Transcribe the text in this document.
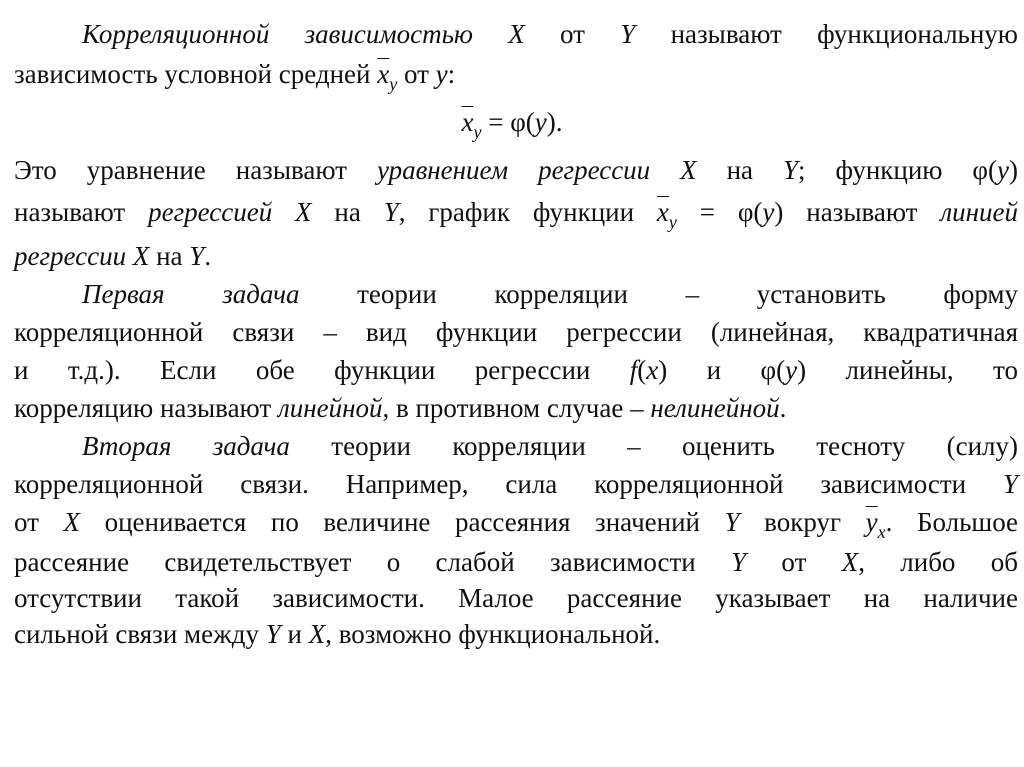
Корреляционной зависимостью X от Y называют функциональную
зависимость условной средней $\overline{x}_y$ от y:
$\overline{x}_y = \varphi(y)$.
Это уравнение называют уравнением регрессии X на Y; функцию φ(y)
называют регрессией X на Y, график функции $\overline{x}_y = \varphi(y)$ называют линией
регрессии X на Y.
Первая задача теории корреляции – установить форму
корреляционной связи – вид функции регрессии (линейная, квадратичная
и т.д.). Если обе функции регрессии f(x) и φ(y) линейны, то
корреляцию называют линейной, в противном случае – нелинейной.
Вторая задача теории корреляции – оценить тесноту (силу)
корреляционной связи. Например, сила корреляционной зависимости Y
от X оценивается по величине рассеяния значений Y вокруг $\overline{y}_x$. Большое
рассеяние свидетельствует о слабой зависимости Y от X, либо об
отсутствии такой зависимости. Малое рассеяние указывает на наличие
сильной связи между Y и X, возможно функциональной.
